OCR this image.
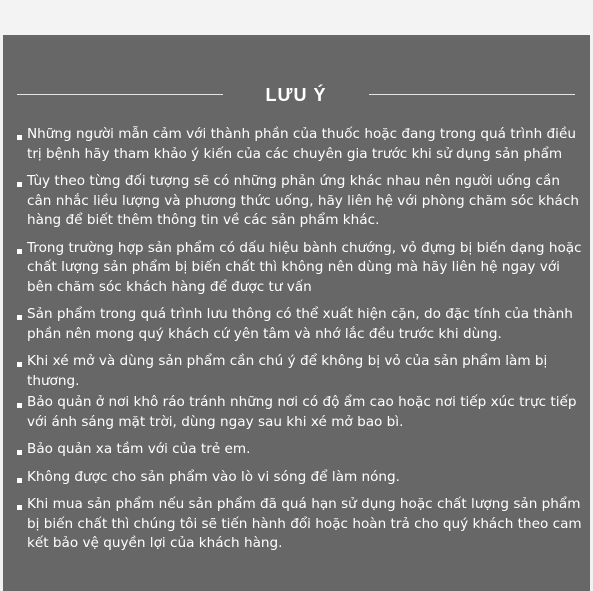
LƯU Ý
Những người mẫn cảm với thành phần của thuốc hoặc đang trong quá trình điều trị bệnh hãy tham khảo ý kiến của các chuyên gia trước khi sử dụng sản phẩm
Tùy theo từng đối tượng sẽ có những phản ứng khác nhau nên người uống cần cân nhắc liều lượng và phương thức uống, hãy liên hệ với phòng chăm sóc khách hàng để biết thêm thông tin về các sản phẩm khác.
Trong trường hợp sản phẩm có dấu hiệu bành chướng, vỏ đựng bị biến dạng hoặc chất lượng sản phẩm bị biến chất thì không nên dùng mà hãy liên hệ ngay với bên chăm sóc khách hàng để được tư vấn
Sản phẩm trong quá trình lưu thông có thể xuất hiện cặn, do đặc tính của thành phần nên mong quý khách cứ yên tâm và nhớ lắc đều trước khi dùng.
Khi xé mở và dùng sản phẩm cần chú ý để không bị vỏ của sản phẩm làm bị thương.
Bảo quản ở nơi khô ráo tránh những nơi có độ ẩm cao hoặc nơi tiếp xúc trực tiếp với ánh sáng mặt trời, dùng ngay sau khi xé mở bao bì.
Bảo quản xa tầm với của trẻ em.
Không được cho sản phẩm vào lò vi sóng để làm nóng.
Khi mua sản phẩm nếu sản phẩm đã quá hạn sử dụng hoặc chất lượng sản phẩm bị biến chất thì chúng tôi sẽ tiến hành đổi hoặc hoàn trả cho quý khách theo cam kết bảo vệ quyền lợi của khách hàng.
